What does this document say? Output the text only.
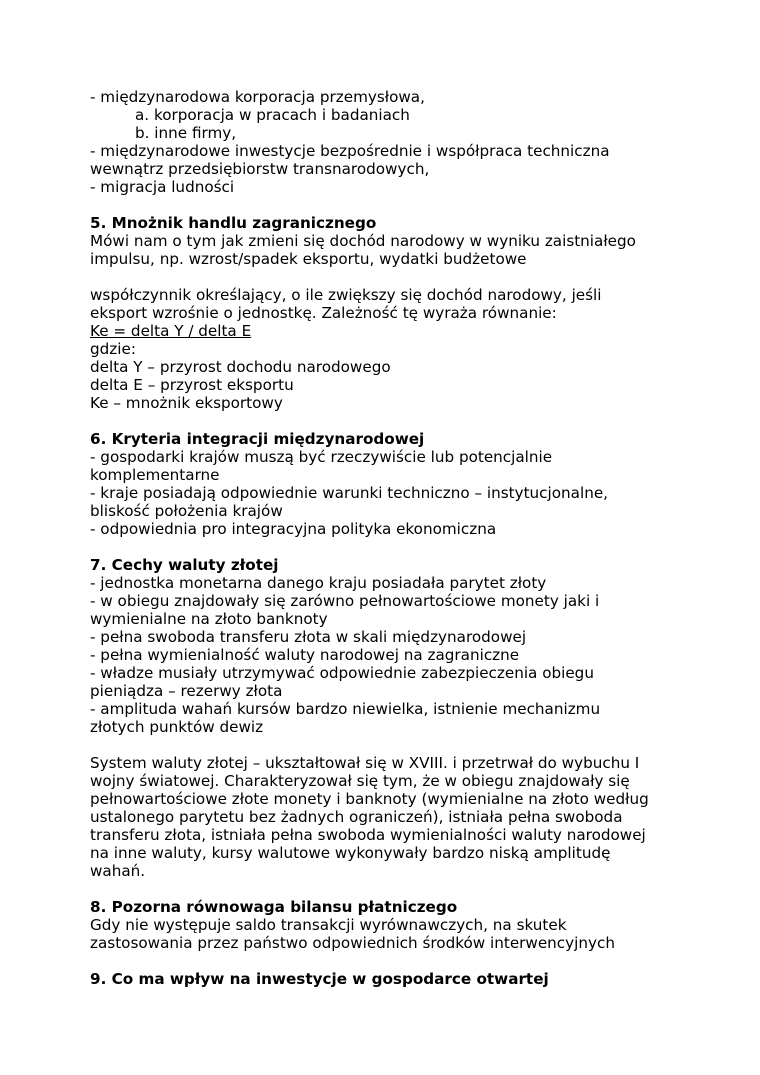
- międzynarodowa korporacja przemysłowa,
a. korporacja w pracach i badaniach
b. inne firmy,
- międzynarodowe inwestycje bezpośrednie i współpraca techniczna
wewnątrz przedsiębiorstw transnarodowych,
- migracja ludności
5. Mnożnik handlu zagranicznego
Mówi nam o tym jak zmieni się dochód narodowy w wyniku zaistniałego
impulsu, np. wzrost/spadek eksportu, wydatki budżetowe
współczynnik określający, o ile zwiększy się dochód narodowy, jeśli
eksport wzrośnie o jednostkę. Zależność tę wyraża równanie:
Ke = delta Y / delta E
gdzie:
delta Y – przyrost dochodu narodowego
delta E – przyrost eksportu
Ke – mnożnik eksportowy
6. Kryteria integracji międzynarodowej
- gospodarki krajów muszą być rzeczywiście lub potencjalnie
komplementarne
- kraje posiadają odpowiednie warunki techniczno – instytucjonalne,
bliskość położenia krajów
- odpowiednia pro integracyjna polityka ekonomiczna
7. Cechy waluty złotej
- jednostka monetarna danego kraju posiadała parytet złoty
- w obiegu znajdowały się zarówno pełnowartościowe monety jaki i
wymienialne na złoto banknoty
- pełna swoboda transferu złota w skali międzynarodowej
- pełna wymienialność waluty narodowej na zagraniczne
- władze musiały utrzymywać odpowiednie zabezpieczenia obiegu
pieniądza – rezerwy złota
- amplituda wahań kursów bardzo niewielka, istnienie mechanizmu
złotych punktów dewiz
System waluty złotej – ukształtował się w XVIII. i przetrwał do wybuchu I
wojny światowej. Charakteryzował się tym, że w obiegu znajdowały się
pełnowartościowe złote monety i banknoty (wymienialne na złoto według
ustalonego parytetu bez żadnych ograniczeń), istniała pełna swoboda
transferu złota, istniała pełna swoboda wymienialności waluty narodowej
na inne waluty, kursy walutowe wykonywały bardzo niską amplitudę
wahań.
8. Pozorna równowaga bilansu płatniczego
Gdy nie występuje saldo transakcji wyrównawczych, na skutek
zastosowania przez państwo odpowiednich środków interwencyjnych
9. Co ma wpływ na inwestycje w gospodarce otwartej
